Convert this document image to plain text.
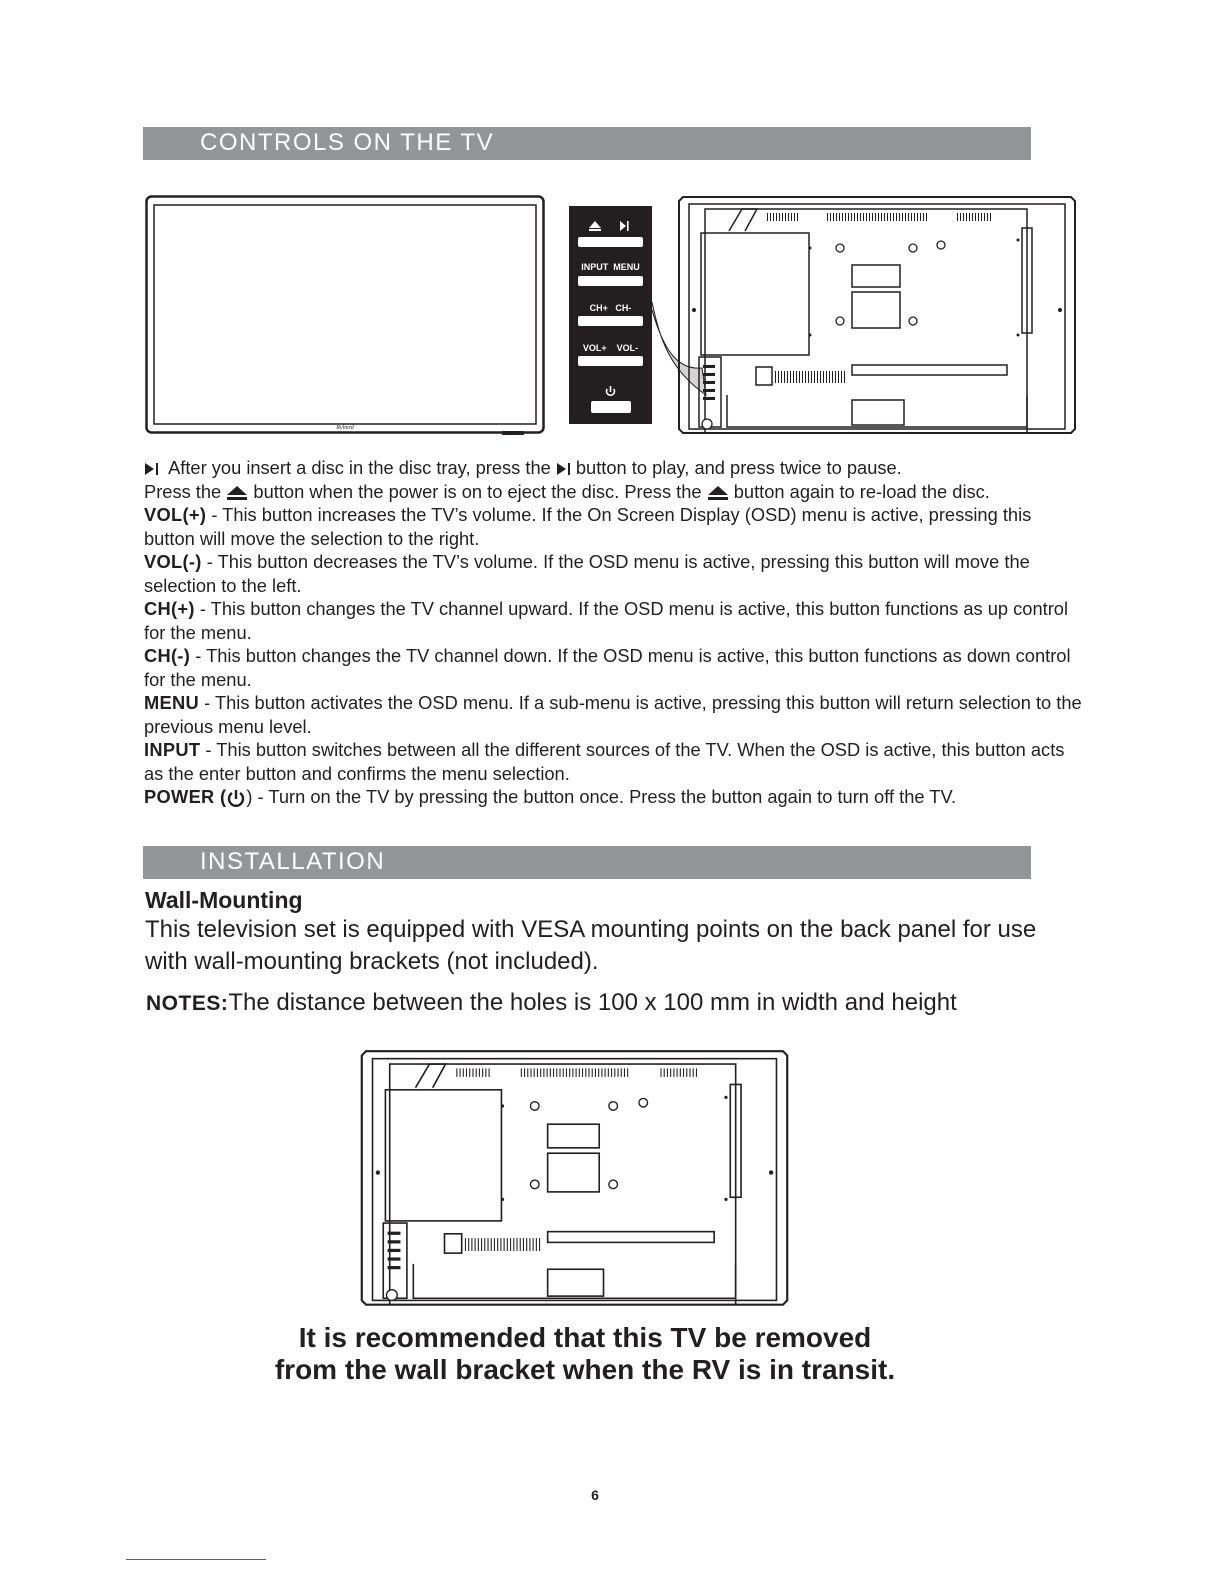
CONTROLS ON THE TV
Rvlmrd
INPUT  MENU
CH+   CH-
VOL+    VOL-

After you insert a disc in the disc tray, press the button to play, and press twice to pause.

Press the button when the power is on to eject the disc. Press the button again to re-load the disc.

VOL(+) - This button increases the TV’s volume. If the On Screen Display (OSD) menu is active, pressing this button will move the selection to the right.

VOL(-) - This button decreases the TV’s volume. If the OSD menu is active, pressing this button will move the selection to the left.

CH(+) - This button changes the TV channel upward. If the OSD menu is active, this button functions as up control for the menu.

CH(-) - This button changes the TV channel down. If the OSD menu is active, this button functions as down control for the menu.

MENU - This button activates the OSD menu. If a sub-menu is active, pressing this button will return selection to the previous menu level.

INPUT - This button switches between all the different sources of the TV. When the OSD is active, this button acts as the enter button and confirms the menu selection.

POWER ( ) - Turn on the TV by pressing the button once. Press the button again to turn off the TV.

INSTALLATION
Wall-Mounting
This television set is equipped with VESA mounting points on the back panel for use with wall-mounting brackets (not included).
NOTES:The distance between the holes is 100 x 100 mm in width and height
It is recommended that this TV be removed
from the wall bracket when the RV is in transit.
6
